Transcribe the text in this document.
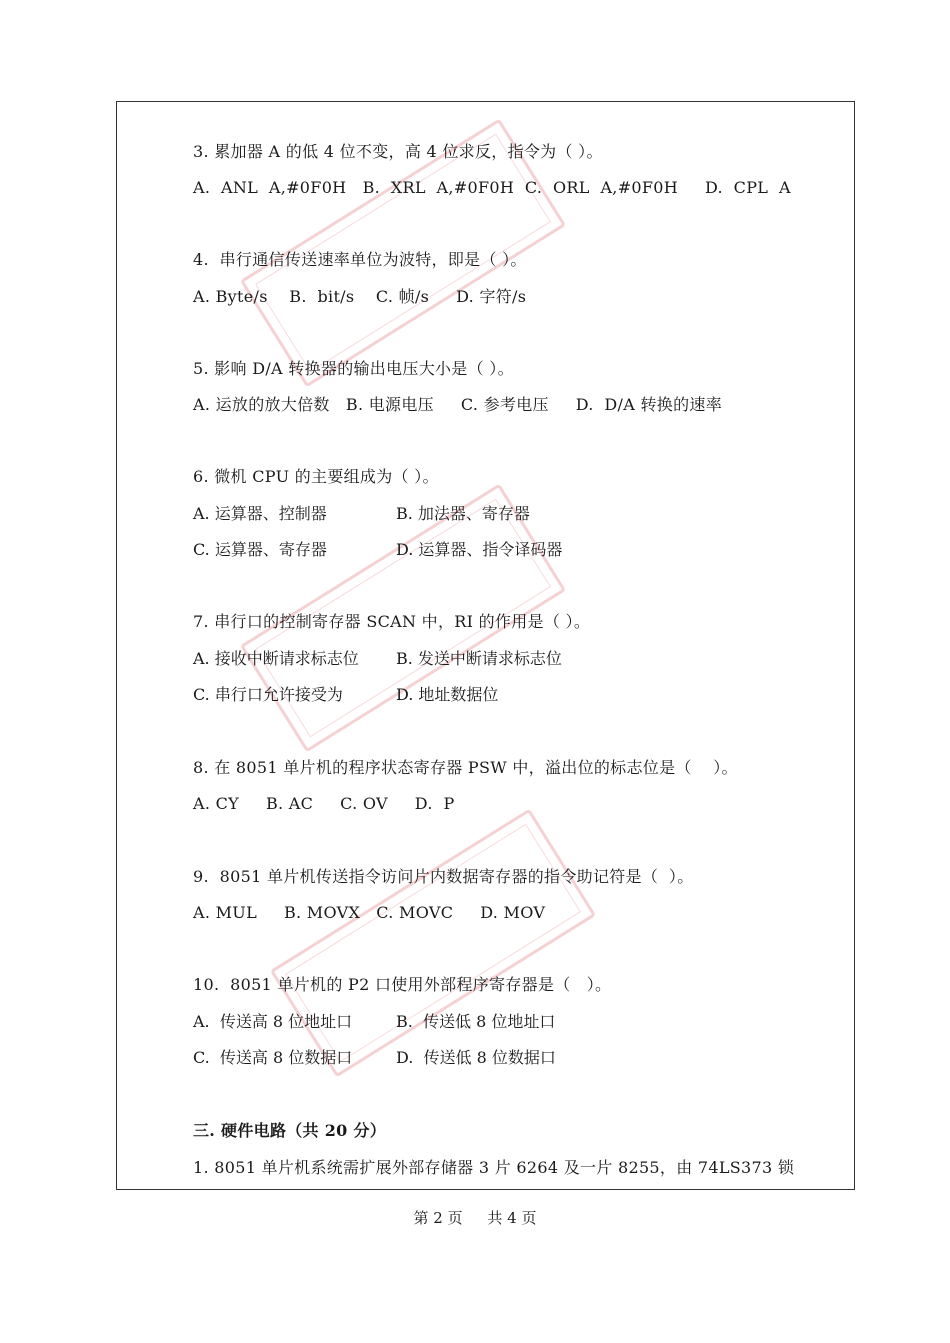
3. 累加器 A 的低 4 位不变，高 4 位求反，指令为（ ）。
A.  ANL  A,#0F0H   B.  XRL  A,#0F0H  C.  ORL  A,#0F0H     D.  CPL  A
4.  串行通信传送速率单位为波特，即是（ ）。
A. Byte/s    B.  bit/s    C. 帧/s     D. 字符/s
5. 影响 D/A 转换器的输出电压大小是（ ）。
A. 运放的放大倍数   B. 电源电压     C. 参考电压     D.  D/A 转换的速率
6. 微机 CPU 的主要组成为（ ）。
A. 运算器、控制器	B. 加法器、寄存器
C. 运算器、寄存器	D. 运算器、指令译码器
7. 串行口的控制寄存器 SCAN 中，RI 的作用是（ ）。
A. 接收中断请求标志位 B. 发送中断请求标志位
C. 串行口允许接受为	D. 地址数据位
8. 在 8051 单片机的程序状态寄存器 PSW 中，溢出位的标志位是（    ）。
A. CY     B. AC     C. OV     D.  P
9.  8051 单片机传送指令访问片内数据寄存器的指令助记符是（  ）。
A. MUL     B. MOVX   C. MOVC     D. MOV
10.  8051 单片机的 P2 口使用外部程序寄存器是（   ）。
A.  传送高 8 位地址口	B.  传送低 8 位地址口
C.  传送高 8 位数据口	D.  传送低 8 位数据口
三. 硬件电路（共 20 分）
1. 8051 单片机系统需扩展外部存储器 3 片 6264 及一片 8255，由 74LS373 锁
第 2 页 共 4 页
